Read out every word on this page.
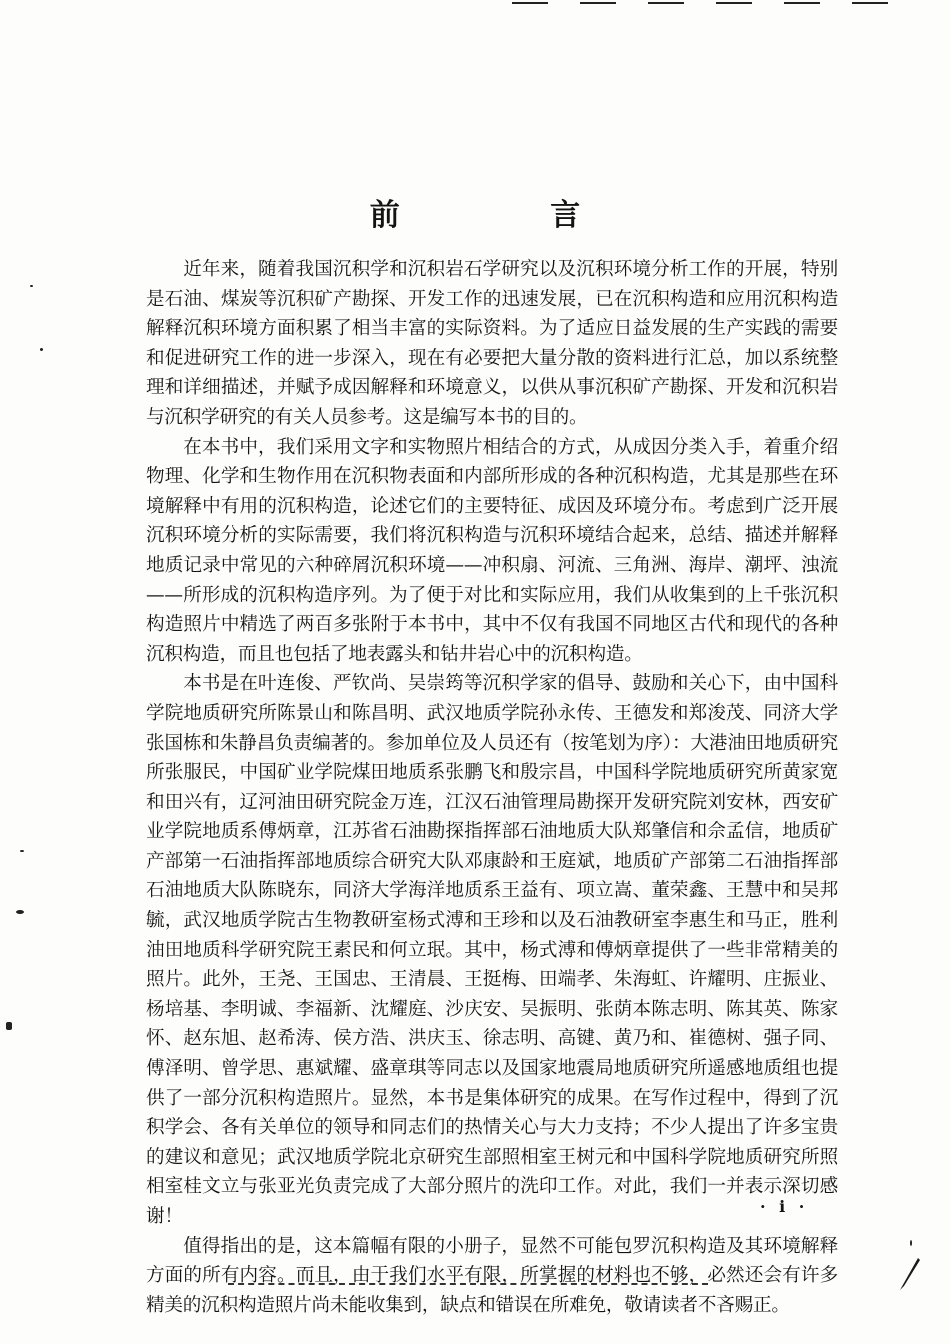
前 言

近年来，随着我国沉积学和沉积岩石学研究以及沉积环境分析工作的开展，特别是石油、煤炭等沉积矿产勘探、开发工作的迅速发展，已在沉积构造和应用沉积构造解释沉积环境方面积累了相当丰富的实际资料。为了适应日益发展的生产实践的需要和促进研究工作的进一步深入，现在有必要把大量分散的资料进行汇总，加以系统整理和详细描述，并赋予成因解释和环境意义，以供从事沉积矿产勘探、开发和沉积岩与沉积学研究的有关人员参考。这是编写本书的目的。

在本书中，我们采用文字和实物照片相结合的方式，从成因分类入手，着重介绍物理、化学和生物作用在沉积物表面和内部所形成的各种沉积构造，尤其是那些在环境解释中有用的沉积构造，论述它们的主要特征、成因及环境分布。考虑到广泛开展沉积环境分析的实际需要，我们将沉积构造与沉积环境结合起来，总结、描述并解释地质记录中常见的六种碎屑沉积环境——冲积扇、河流、三角洲、海岸、潮坪、浊流——所形成的沉积构造序列。为了便于对比和实际应用，我们从收集到的上千张沉积构造照片中精选了两百多张附于本书中，其中不仅有我国不同地区古代和现代的各种沉积构造，而且也包括了地表露头和钻井岩心中的沉积构造。

本书是在叶连俊、严钦尚、吴崇筠等沉积学家的倡导、鼓励和关心下，由中国科学院地质研究所陈景山和陈昌明、武汉地质学院孙永传、王德发和郑浚茂、同济大学张国栋和朱静昌负责编著的。参加单位及人员还有（按笔划为序）：大港油田地质研究所张服民，中国矿业学院煤田地质系张鹏飞和殷宗昌，中国科学院地质研究所黄家宽和田兴有，辽河油田研究院金万连，江汉石油管理局勘探开发研究院刘安林，西安矿业学院地质系傅炳章，江苏省石油勘探指挥部石油地质大队郑肇信和佘孟信，地质矿产部第一石油指挥部地质综合研究大队邓康龄和王庭斌，地质矿产部第二石油指挥部石油地质大队陈晓东，同济大学海洋地质系王益有、项立嵩、董荣鑫、王慧中和吴邦毓，武汉地质学院古生物教研室杨式溥和王珍和以及石油教研室李惠生和马正，胜利油田地质科学研究院王素民和何立珉。其中，杨式溥和傅炳章提供了一些非常精美的照片。此外，王尧、王国忠、王清晨、王挺梅、田端孝、朱海虹、许耀明、庄振业、杨培基、李明诚、李福新、沈耀庭、沙庆安、吴振明、张荫本陈志明、陈其英、陈家怀、赵东旭、赵希涛、侯方浩、洪庆玉、徐志明、高键、黄乃和、崔德树、强子同、傅泽明、曾学思、惠斌耀、盛章琪等同志以及国家地震局地质研究所遥感地质组也提供了一部分沉积构造照片。显然，本书是集体研究的成果。在写作过程中，得到了沉积学会、各有关单位的领导和同志们的热情关心与大力支持；不少人提出了许多宝贵的建议和意见；武汉地质学院北京研究生部照相室王树元和中国科学院地质研究所照相室桂文立与张亚光负责完成了大部分照片的洗印工作。对此，我们一并表示深切感谢！

值得指出的是，这本篇幅有限的小册子，显然不可能包罗沉积构造及其环境解释方面的所有内容。而且，由于我们水平有限，所掌握的材料也不够，必然还会有许多精美的沉积构造照片尚未能收集到，缺点和错误在所难免，敬请读者不吝赐正。

· i ·
